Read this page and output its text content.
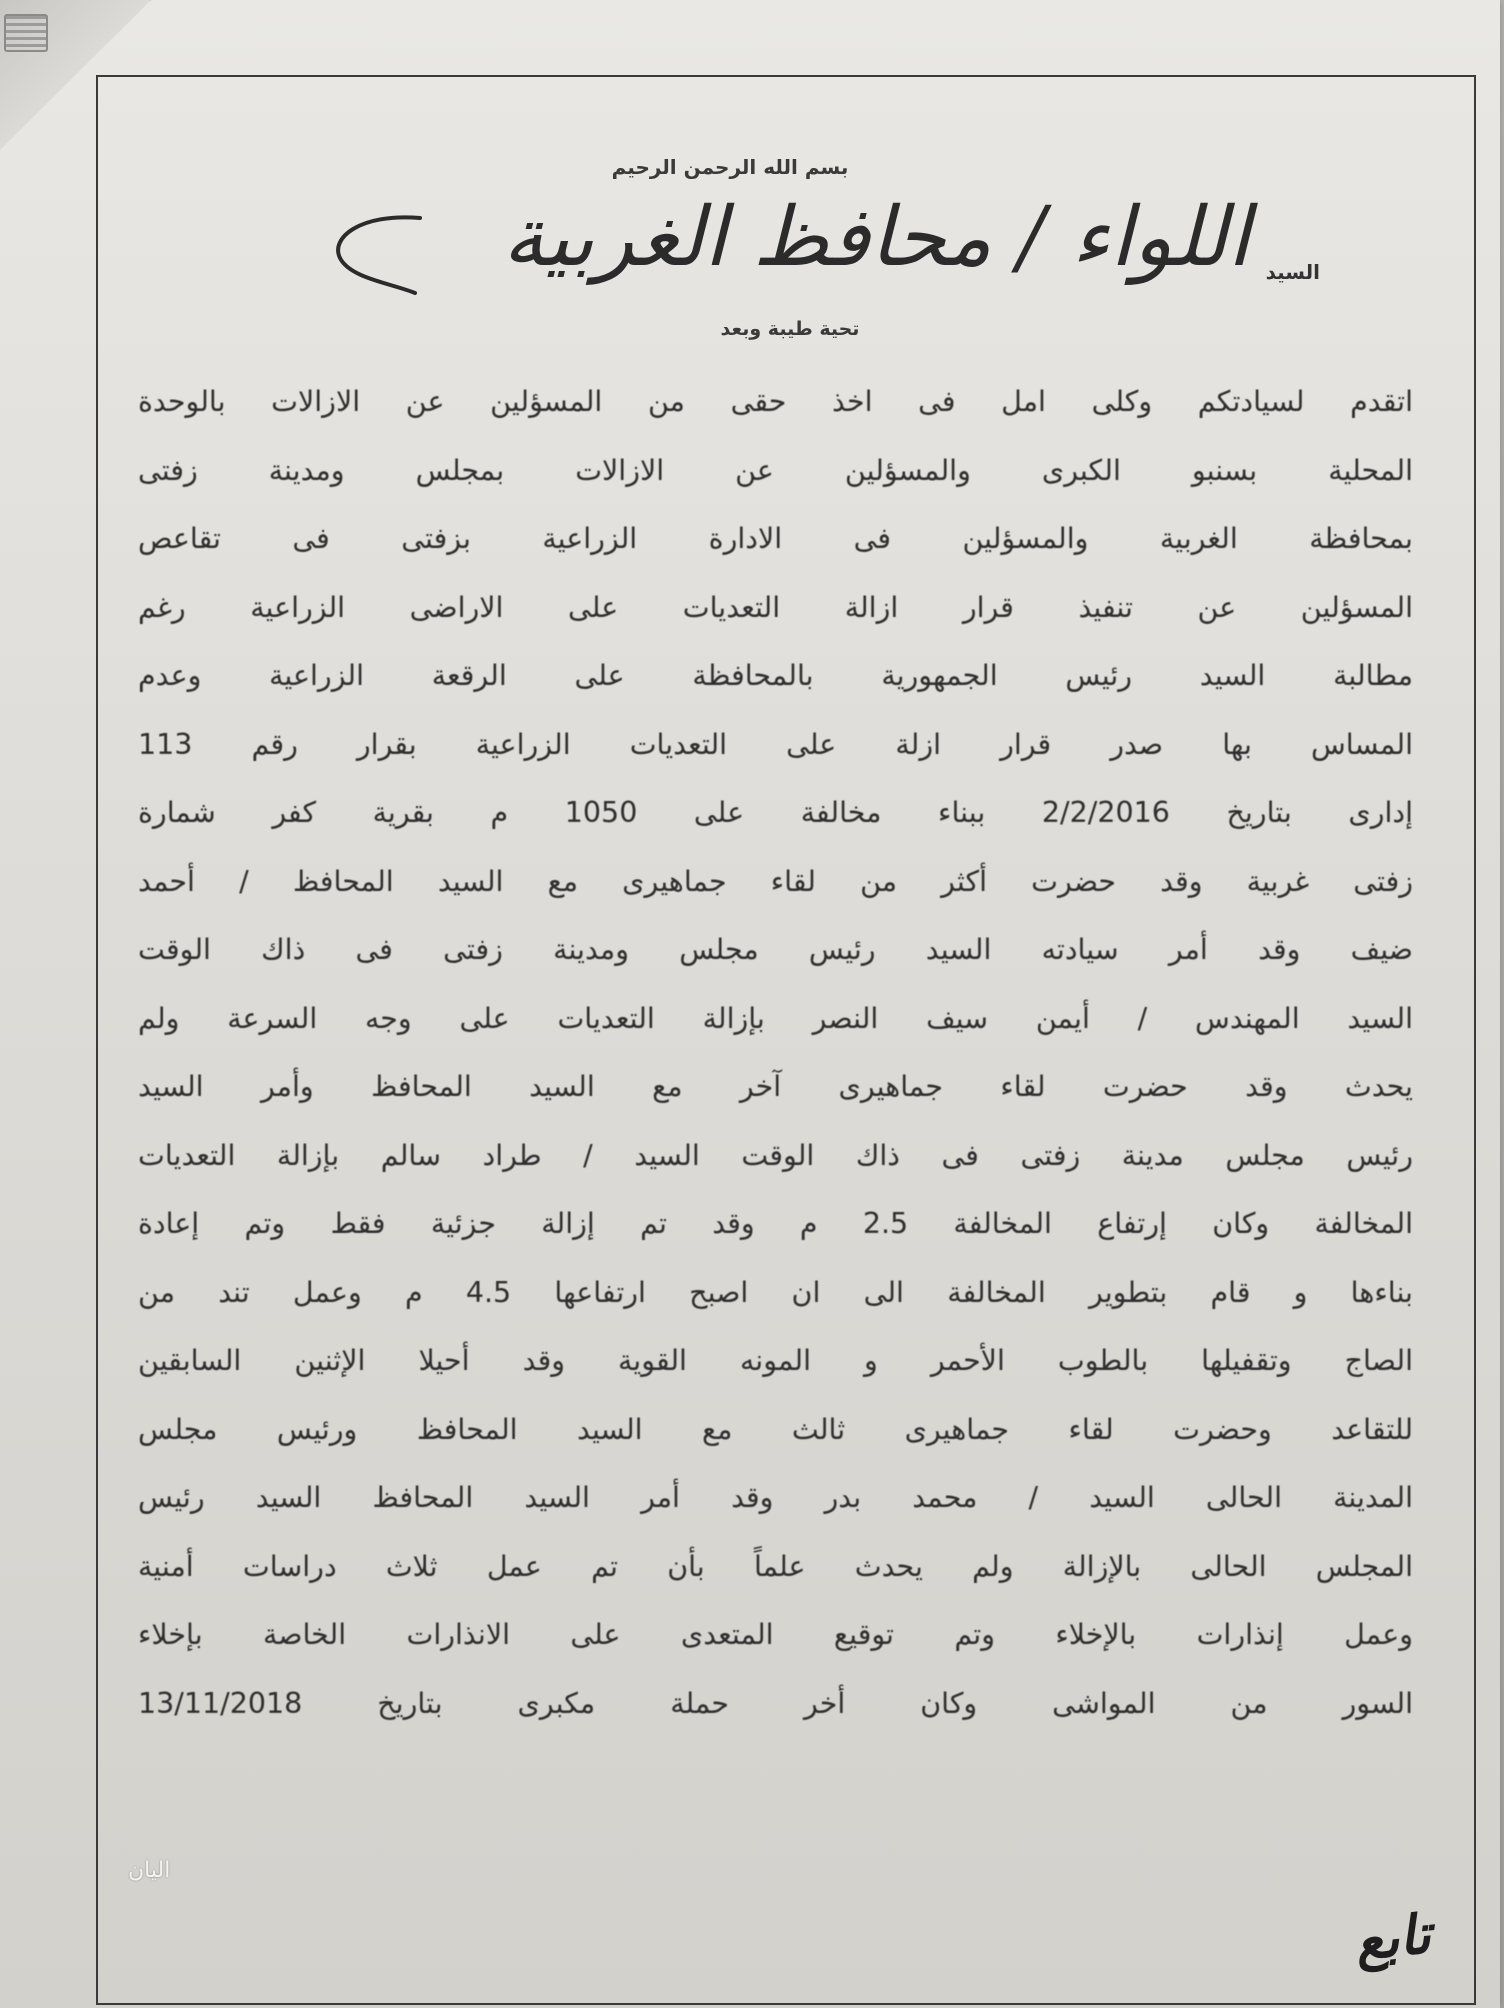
بسم الله الرحمن الرحيم
السيد
اللواء / محافظ الغربية
تحية طيبة وبعد
اتقدم لسيادتكم وكلى امل فى اخذ حقى من المسؤلين عن الازالات بالوحدة
المحلية بسنبو الكبرى والمسؤلين عن الازالات بمجلس ومدينة زفتى
بمحافظة الغربية والمسؤلين فى الادارة الزراعية بزفتى فى تقاعص
المسؤلين عن تنفيذ قرار ازالة التعديات على الاراضى الزراعية رغم
مطالبة السيد رئيس الجمهورية بالمحافظة على الرقعة الزراعية وعدم
المساس بها صدر قرار ازلة على التعديات الزراعية بقرار رقم 113
إدارى بتاريخ 2/2/2016 ببناء مخالفة على 1050 م بقرية كفر شمارة
زفتى غربية وقد حضرت أكثر من لقاء جماهيرى مع السيد المحافظ / أحمد
ضيف وقد أمر سيادته السيد رئيس مجلس ومدينة زفتى فى ذاك الوقت
السيد المهندس / أيمن سيف النصر بإزالة التعديات على وجه السرعة ولم
يحدث وقد حضرت لقاء جماهيرى آخر مع السيد المحافظ وأمر السيد
رئيس مجلس مدينة زفتى فى ذاك الوقت السيد / طراد سالم بإزالة التعديات
المخالفة وكان إرتفاع المخالفة 2.5 م وقد تم إزالة جزئية فقط وتم إعادة
بناءها و قام بتطوير المخالفة الى ان اصبح ارتفاعها 4.5 م وعمل تند من
الصاج وتقفيلها بالطوب الأحمر و المونه القوية وقد أحيلا الإثنين السابقين
للتقاعد وحضرت لقاء جماهيرى ثالث مع السيد المحافظ ورئيس مجلس
المدينة الحالى السيد / محمد بدر وقد أمر السيد المحافظ السيد رئيس
المجلس الحالى بالإزالة ولم يحدث علماً بأن تم عمل ثلاث دراسات أمنية
وعمل إنذارات بالإخلاء وتم توقيع المتعدى على الانذارات الخاصة بإخلاء
السور من المواشى وكان أخر حملة مكبرى بتاريخ 13/11/2018
اليان
تابع
